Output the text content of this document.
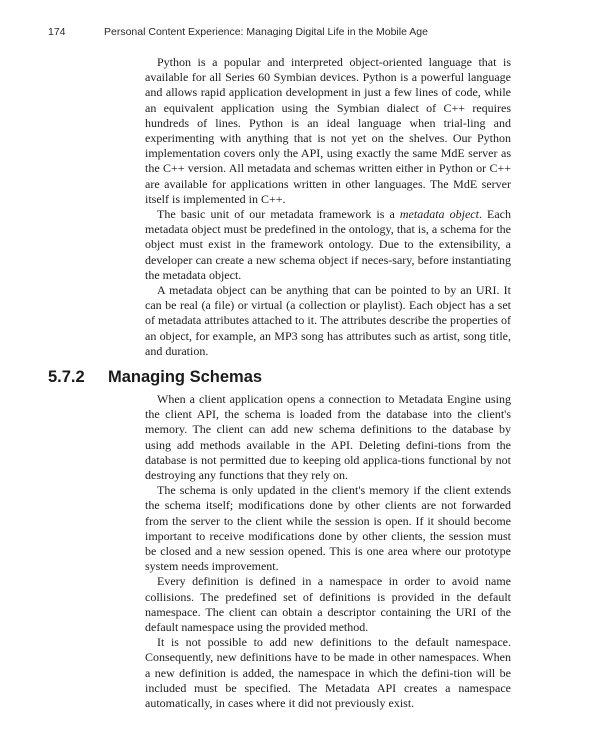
174	Personal Content Experience: Managing Digital Life in the Mobile Age

Python is a popular and interpreted object-oriented language that is available for all Series 60 Symbian devices. Python is a powerful language and allows rapid application development in just a few lines of code, while an equivalent application using the Symbian dialect of C++ requires hundreds of lines. Python is an ideal language when trial-ling and experimenting with anything that is not yet on the shelves. Our Python implementation covers only the API, using exactly the same MdE server as the C++ version. All metadata and schemas written either in Python or C++ are available for applications written in other languages. The MdE server itself is implemented in C++.

The basic unit of our metadata framework is a metadata object. Each metadata object must be predefined in the ontology, that is, a schema for the object must exist in the framework ontology. Due to the extensibility, a developer can create a new schema object if neces-sary, before instantiating the metadata object.

A metadata object can be anything that can be pointed to by an URI. It can be real (a file) or virtual (a collection or playlist). Each object has a set of metadata attributes attached to it. The attributes describe the properties of an object, for example, an MP3 song has attributes such as artist, song title, and duration.

5.7.2 Managing Schemas

When a client application opens a connection to Metadata Engine using the client API, the schema is loaded from the database into the client's memory. The client can add new schema definitions to the database by using add methods available in the API. Deleting defini-tions from the database is not permitted due to keeping old applica-tions functional by not destroying any functions that they rely on.

The schema is only updated in the client's memory if the client extends the schema itself; modifications done by other clients are not forwarded from the server to the client while the session is open. If it should become important to receive modifications done by other clients, the session must be closed and a new session opened. This is one area where our prototype system needs improvement.

Every definition is defined in a namespace in order to avoid name collisions. The predefined set of definitions is provided in the default namespace. The client can obtain a descriptor containing the URI of the default namespace using the provided method.

It is not possible to add new definitions to the default namespace. Consequently, new definitions have to be made in other namespaces. When a new definition is added, the namespace in which the defini-tion will be included must be specified. The Metadata API creates a namespace automatically, in cases where it did not previously exist.
